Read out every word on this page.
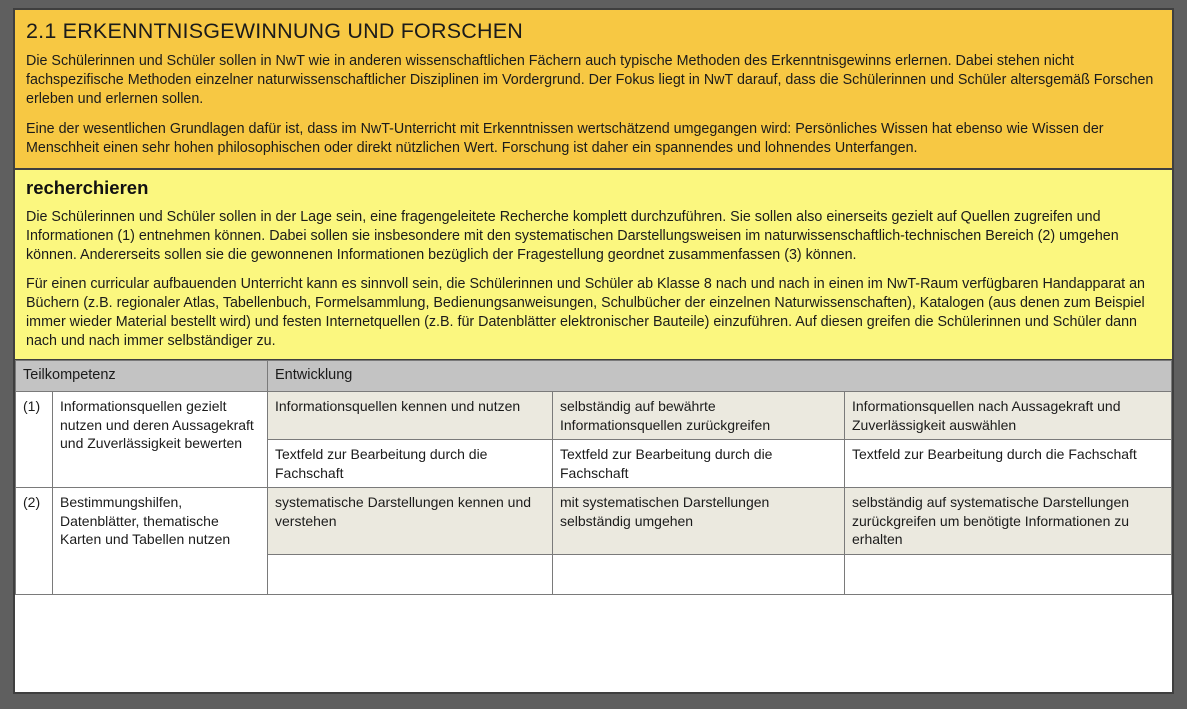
2.1 ERKENNTNISGEWINNUNG UND FORSCHEN

Die Schülerinnen und Schüler sollen in NwT wie in anderen wissenschaftlichen Fächern auch typische Methoden des Erkenntnisgewinns erlernen. Dabei stehen nicht fachspezifische Methoden einzelner naturwissenschaftlicher Disziplinen im Vordergrund. Der Fokus liegt in NwT darauf, dass die Schülerinnen und Schüler altersgemäß Forschen erleben und erlernen sollen.

Eine der wesentlichen Grundlagen dafür ist, dass im NwT-Unterricht mit Erkenntnissen wertschätzend umgegangen wird: Persönliches Wissen hat ebenso wie Wissen der Menschheit einen sehr hohen philosophischen oder direkt nützlichen Wert. Forschung ist daher ein spannendes und lohnendes Unterfangen.

recherchieren

Die Schülerinnen und Schüler sollen in der Lage sein, eine fragengeleitete Recherche komplett durchzuführen. Sie sollen also einerseits gezielt auf Quellen zugreifen und Informationen (1) entnehmen können. Dabei sollen sie insbesondere mit den systematischen Darstellungsweisen im naturwissenschaftlich-technischen Bereich (2) umgehen können. Andererseits sollen sie die gewonnenen Informationen bezüglich der Fragestellung geordnet zusammenfassen (3) können.

Für einen curricular aufbauenden Unterricht kann es sinnvoll sein, die Schülerinnen und Schüler ab Klasse 8 nach und nach in einen im NwT-Raum verfügbaren Handapparat an Büchern (z.B. regionaler Atlas, Tabellenbuch, Formelsammlung, Bedienungsanweisungen, Schulbücher der einzelnen Naturwissenschaften), Katalogen (aus denen zum Beispiel immer wieder Material bestellt wird) und festen Internetquellen (z.B. für Datenblätter elektronischer Bauteile) einzuführen. Auf diesen greifen die Schülerinnen und Schüler dann nach und nach immer selbständiger zu.

Teilkompetenz		Entwicklung		
(1)	Informationsquellen gezielt nutzen und deren Aussagekraft und Zuverlässigkeit bewerten	Informationsquellen kennen und nutzen	selbständig auf bewährte Informationsquellen zurückgreifen	Informationsquellen nach Aussagekraft und Zuverlässigkeit auswählen
		Textfeld zur Bearbeitung durch die Fachschaft	Textfeld zur Bearbeitung durch die Fachschaft	Textfeld zur Bearbeitung durch die Fachschaft
(2)	Bestimmungshilfen, Datenblätter, thematische Karten und Tabellen nutzen	systematische Darstellungen kennen und verstehen	mit systematischen Darstellungen selbständig umgehen	selbständig auf systematische Darstellungen zurückgreifen um benötigte Informationen zu erhalten
